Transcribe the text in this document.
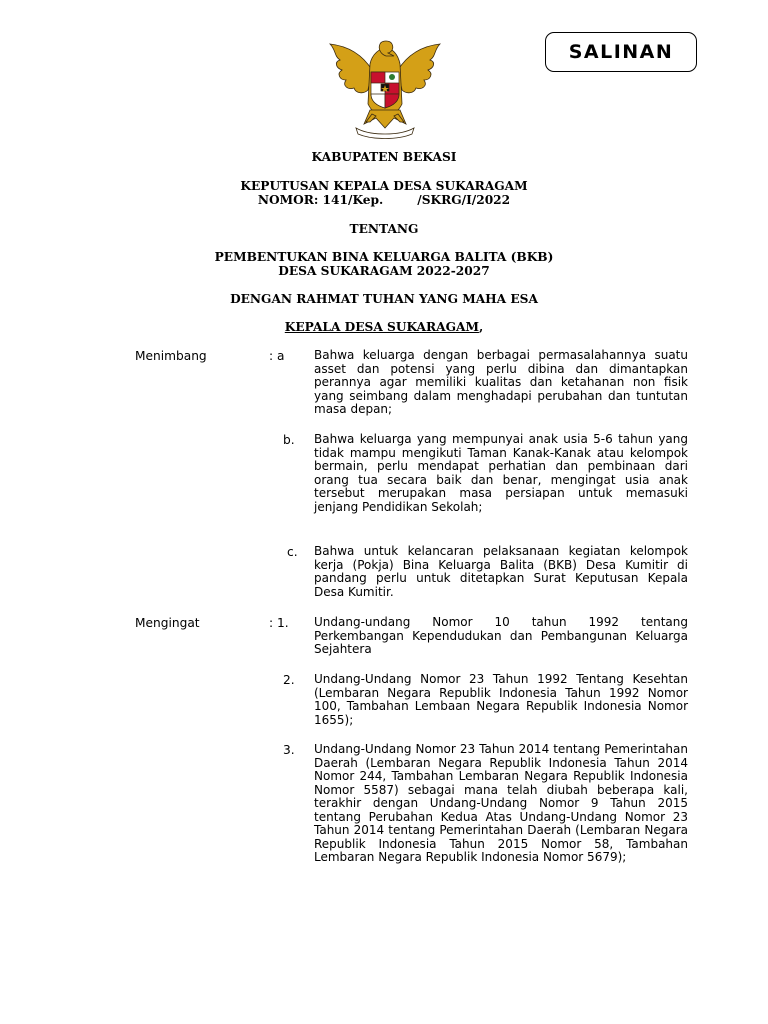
SALINAN
KABUPATEN BEKASI
KEPUTUSAN KEPALA DESA SUKARAGAM
NOMOR: 141/Kep.        /SKRG/I/2022
TENTANG
PEMBENTUKAN BINA KELUARGA BALITA (BKB)
DESA SUKARAGAM 2022-2027
DENGAN RAHMAT TUHAN YANG MAHA ESA
KEPALA DESA SUKARAGAM,
Menimbang	: a Bahwa keluarga dengan berbagai permasalahannya suatu asset dan potensi yang perlu dibina dan dimantapkan perannya agar memiliki kualitas dan ketahanan non fisik yang seimbang dalam menghadapi perubahan dan tuntutan masa depan;
b. Bahwa keluarga yang mempunyai anak usia 5-6 tahun yang tidak mampu mengikuti Taman Kanak-Kanak atau kelompok bermain, perlu mendapat perhatian dan pembinaan dari orang tua secara baik dan benar, mengingat usia anak tersebut merupakan masa persiapan untuk memasuki jenjang Pendidikan Sekolah;
c. Bahwa untuk kelancaran pelaksanaan kegiatan kelompok kerja (Pokja) Bina Keluarga Balita (BKB) Desa Kumitir di pandang perlu untuk ditetapkan Surat Keputusan Kepala Desa Kumitir.
Mengingat	: 1. Undang-undang Nomor 10 tahun 1992 tentang Perkembangan Kependudukan dan Pembangunan Keluarga Sejahtera
2. Undang-Undang Nomor 23 Tahun 1992 Tentang Kesehtan (Lembaran Negara Republik Indonesia Tahun 1992 Nomor 100, Tambahan Lembaan Negara Republik Indonesia Nomor 1655);
3. Undang-Undang Nomor 23 Tahun 2014 tentang Pemerintahan Daerah (Lembaran Negara Republik Indonesia Tahun 2014 Nomor 244, Tambahan Lembaran Negara Republik Indonesia Nomor 5587) sebagai mana telah diubah beberapa kali, terakhir dengan Undang-Undang Nomor 9 Tahun 2015 tentang Perubahan Kedua Atas Undang-Undang Nomor 23 Tahun 2014 tentang Pemerintahan Daerah (Lembaran Negara Republik Indonesia Tahun 2015 Nomor 58, Tambahan Lembaran Negara Republik Indonesia Nomor 5679);
